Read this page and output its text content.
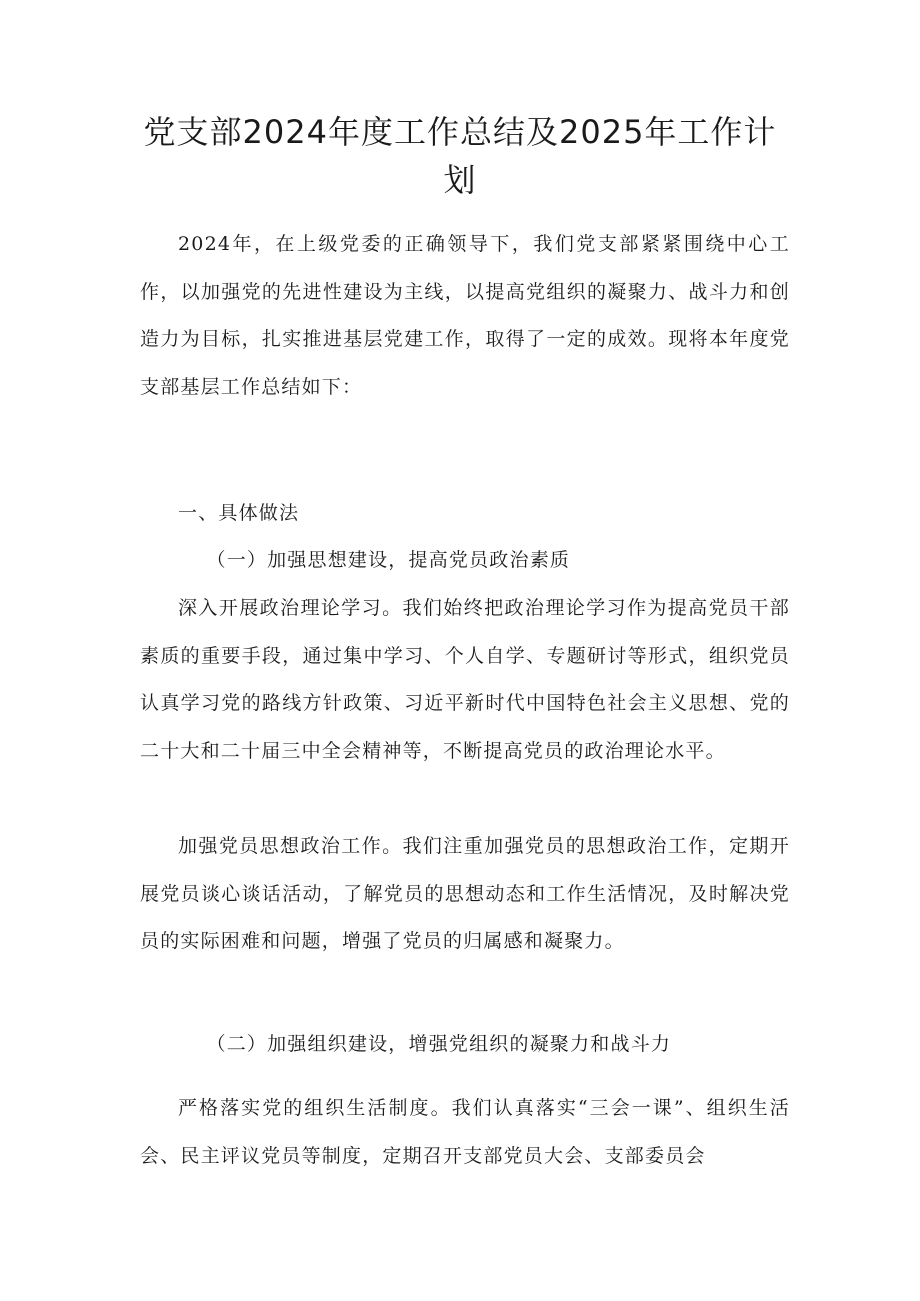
党支部2024年度工作总结及2025年工作计
划

2024年，在上级党委的正确领导下，我们党支部紧紧围绕中心工作，以加强党的先进性建设为主线，以提高党组织的凝聚力、战斗力和创造力为目标，扎实推进基层党建工作，取得了一定的成效。现将本年度党支部基层工作总结如下：

一、具体做法

（一）加强思想建设，提高党员政治素质

深入开展政治理论学习。我们始终把政治理论学习作为提高党员干部素质的重要手段，通过集中学习、个人自学、专题研讨等形式，组织党员认真学习党的路线方针政策、习近平新时代中国特色社会主义思想、党的二十大和二十届三中全会精神等，不断提高党员的政治理论水平。

加强党员思想政治工作。我们注重加强党员的思想政治工作，定期开展党员谈心谈话活动，了解党员的思想动态和工作生活情况，及时解决党员的实际困难和问题，增强了党员的归属感和凝聚力。

（二）加强组织建设，增强党组织的凝聚力和战斗力

严格落实党的组织生活制度。我们认真落实“三会一课”、组织生活会、民主评议党员等制度，定期召开支部党员大会、支部委员会
